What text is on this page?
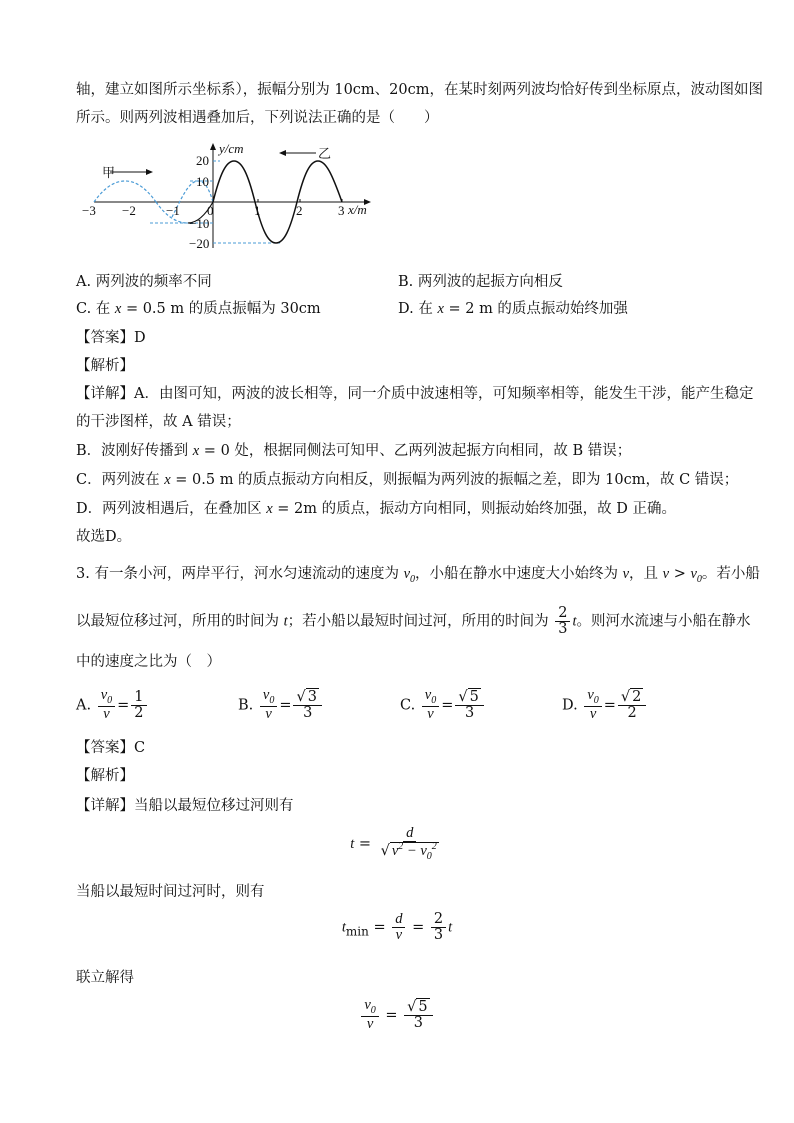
轴，建立如图所示坐标系），振幅分别为 10cm、20cm，在某时刻两列波均恰好传到坐标原点，波动图如图
所示。则两列波相遇叠加后，下列说法正确的是（　　）
甲
乙
y/cm
x/m
20
10
−10
−20
−3 −2 −1 0	1	2	3
A. 两列波的频率不同	B. 两列波的起振方向相反
C. 在 x = 0.5 m 的质点振幅为 30cm	D. 在 x = 2 m 的质点振动始终加强
【答案】D
【解析】
【详解】A．由图可知，两波的波长相等，同一介质中波速相等，可知频率相等，能发生干涉，能产生稳定
的干涉图样，故 A 错误；
B．波刚好传播到 x = 0 处，根据同侧法可知甲、乙两列波起振方向相同，故 B 错误；
C．两列波在 x = 0.5 m 的质点振动方向相反，则振幅为两列波的振幅之差，即为 10cm，故 C 错误；
D．两列波相遇后，在叠加区 x = 2m 的质点，振动方向相同，则振动始终加强，故 D 正确。
故选D。
3. 有一条小河，两岸平行，河水匀速流动的速度为 $v_0$，小船在静水中速度大小始终为 v，且 $v > v_0$。若小船
以最短位移过河，所用的时间为 t；若小船以最短时间过河，所用的时间为 $\frac{2}{3}$ t。则河水流速与小船在静水
中的速度之比为（　）
A. $\frac{v_0}{v} = \frac{1}{2}$	B. $\frac{v_0}{v} = \frac{√ 3}{3}$	C. $\frac{v_0}{v} = \frac{√ 5}{3}$	D. $\frac{v_0}{v} = \frac{√ 2}{2}$
【答案】C
【解析】
【详解】当船以最短位移过河则有
$t = \frac{d}{√ v^2 - v_0^2}$
当船以最短时间过河时，则有
$t_{min} = \frac{d}{v} = \frac{2}{3}$ t
联立解得
$\frac{v_0}{v} = \frac{√ 5}{3}$
